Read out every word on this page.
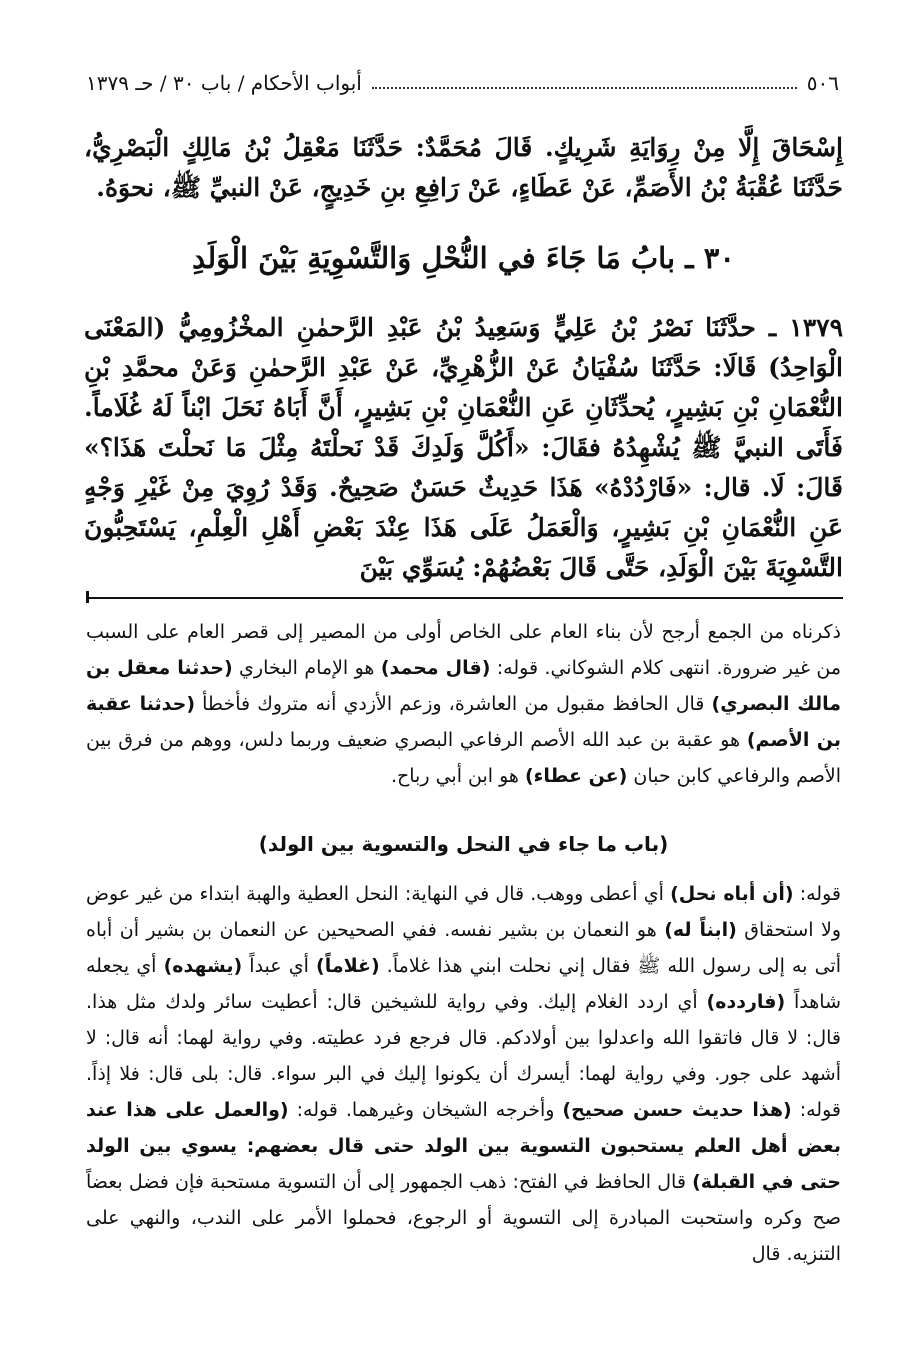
٥٠٦
أبواب الأحكام / باب ٣٠ / حـ ١٣٧٩
إِسْحَاقَ إِلَّا مِنْ رِوَايَةِ شَرِيكٍ. قَالَ مُحَمَّدٌ: حَدَّثَنَا مَعْقِلُ بْنُ مَالِكٍ الْبَصْرِيُّ، حَدَّثَنَا عُقْبَةُ بْنُ الأَصَمِّ، عَنْ عَطَاءٍ، عَنْ رَافِعِ بنِ خَدِيجٍ، عَنْ النبيِّ ﷺ، نحوَهُ.
٣٠ ـ بابُ مَا جَاءَ في النُّحْلِ وَالتَّسْوِيَةِ بَيْنَ الْوَلَدِ
١٣٧٩ ـ حدَّثَنَا نَصْرُ بْنُ عَلِيٍّ وَسَعِيدُ بْنُ عَبْدِ الرَّحمٰنِ المخْزُومِيُّ (المَعْنَى الْوَاحِدُ) قَالَا: حَدَّثَنَا سُفْيَانُ عَنْ الزُّهْرِيِّ، عَنْ عَبْدِ الرَّحمٰنِ وَعَنْ محمَّدِ بْنِ النُّعْمَانِ بْنِ بَشِيرٍ، يُحدِّثَانِ عَنِ النُّعْمَانِ بْنِ بَشِيرٍ، أَنَّ أَبَاهُ نَحَلَ ابْناً لَهُ غُلَاماً. فَأَتَى النبيَّ ﷺ يُشْهِدُهُ فقَالَ: «أَكُلَّ وَلَدِكَ قَدْ نَحلْتَهُ مِثْلَ مَا نَحلْتَ هَذَا؟» قَالَ: لَا. قال: «فَارْدُدْهُ» هَذَا حَدِيثٌ حَسَنٌ صَحِيحٌ. وَقَدْ رُوِيَ مِنْ غَيْرِ وَجْهٍ عَنِ النُّعْمَانِ بْنِ بَشِيرٍ، وَالْعَمَلُ عَلَى هَذَا عِنْدَ بَعْضِ أَهْلِ الْعِلْمِ، يَسْتَحِبُّونَ التَّسْوِيَةَ بَيْنَ الْوَلَدِ، حَتَّى قَالَ بَعْضُهُمْ: يُسَوِّي بَيْنَ
ذكرناه من الجمع أرجح لأن بناء العام على الخاص أولى من المصير إلى قصر العام على السبب من غير ضرورة. انتهى كلام الشوكاني. قوله: (قال محمد) هو الإمام البخاري (حدثنا معقل بن مالك البصري) قال الحافظ مقبول من العاشرة، وزعم الأزدي أنه متروك فأخطأ (حدثنا عقبة بن الأصم) هو عقبة بن عبد الله الأصم الرفاعي البصري ضعيف وربما دلس، ووهم من فرق بين الأصم والرفاعي كابن حبان (عن عطاء) هو ابن أبي رباح.
(باب ما جاء في النحل والتسوية بين الولد)
قوله: (أن أباه نحل) أي أعطى ووهب. قال في النهاية: النحل العطية والهبة ابتداء من غير عوض ولا استحقاق (ابناً له) هو النعمان بن بشير نفسه. ففي الصحيحين عن النعمان بن بشير أن أباه أتى به إلى رسول الله ﷺ فقال إني نحلت ابني هذا غلاماً. (غلاماً) أي عبداً (يشهده) أي يجعله شاهداً (فاردده) أي اردد الغلام إليك. وفي رواية للشيخين قال: أعطيت سائر ولدك مثل هذا. قال: لا قال فاتقوا الله واعدلوا بين أولادكم. قال فرجع فرد عطيته. وفي رواية لهما: أنه قال: لا أشهد على جور. وفي رواية لهما: أيسرك أن يكونوا إليك في البر سواء. قال: بلى قال: فلا إذاً. قوله: (هذا حديث حسن صحيح) وأخرجه الشيخان وغيرهما. قوله: (والعمل على هذا عند بعض أهل العلم يستحبون التسوية بين الولد حتى قال بعضهم: يسوي بين الولد حتى في القبلة) قال الحافظ في الفتح: ذهب الجمهور إلى أن التسوية مستحبة فإن فضل بعضاً صح وكره واستحبت المبادرة إلى التسوية أو الرجوع، فحملوا الأمر على الندب، والنهي على التنزيه. قال
